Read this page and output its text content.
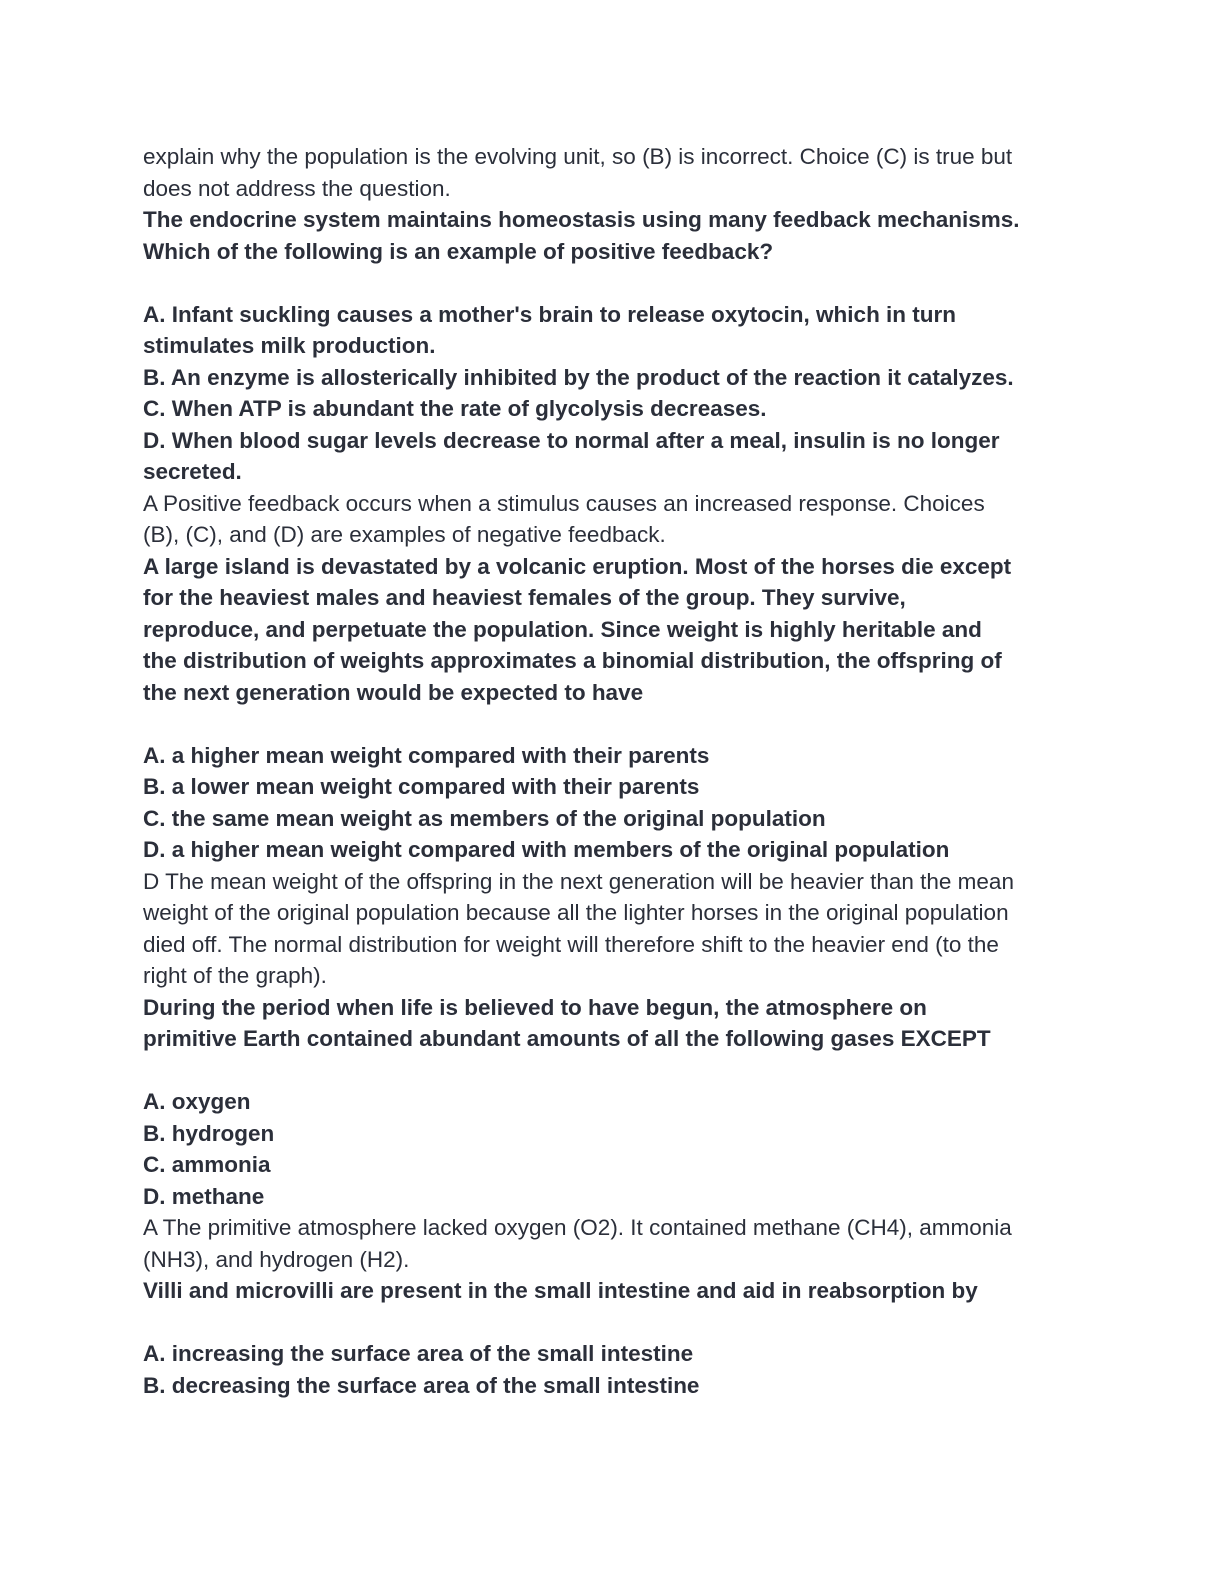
explain why the population is the evolving unit, so (B) is incorrect. Choice (C) is true but
does not address the question.
The endocrine system maintains homeostasis using many feedback mechanisms.
Which of the following is an example of positive feedback?
A. Infant suckling causes a mother's brain to release oxytocin, which in turn
stimulates milk production.
B. An enzyme is allosterically inhibited by the product of the reaction it catalyzes.
C. When ATP is abundant the rate of glycolysis decreases.
D. When blood sugar levels decrease to normal after a meal, insulin is no longer
secreted.
A Positive feedback occurs when a stimulus causes an increased response. Choices
(B), (C), and (D) are examples of negative feedback.
A large island is devastated by a volcanic eruption. Most of the horses die except
for the heaviest males and heaviest females of the group. They survive,
reproduce, and perpetuate the population. Since weight is highly heritable and
the distribution of weights approximates a binomial distribution, the offspring of
the next generation would be expected to have
A. a higher mean weight compared with their parents
B. a lower mean weight compared with their parents
C. the same mean weight as members of the original population
D. a higher mean weight compared with members of the original population
D The mean weight of the offspring in the next generation will be heavier than the mean
weight of the original population because all the lighter horses in the original population
died off. The normal distribution for weight will therefore shift to the heavier end (to the
right of the graph).
During the period when life is believed to have begun, the atmosphere on
primitive Earth contained abundant amounts of all the following gases EXCEPT
A. oxygen
B. hydrogen
C. ammonia
D. methane
A The primitive atmosphere lacked oxygen (O2). It contained methane (CH4), ammonia
(NH3), and hydrogen (H2).
Villi and microvilli are present in the small intestine and aid in reabsorption by
A. increasing the surface area of the small intestine
B. decreasing the surface area of the small intestine
